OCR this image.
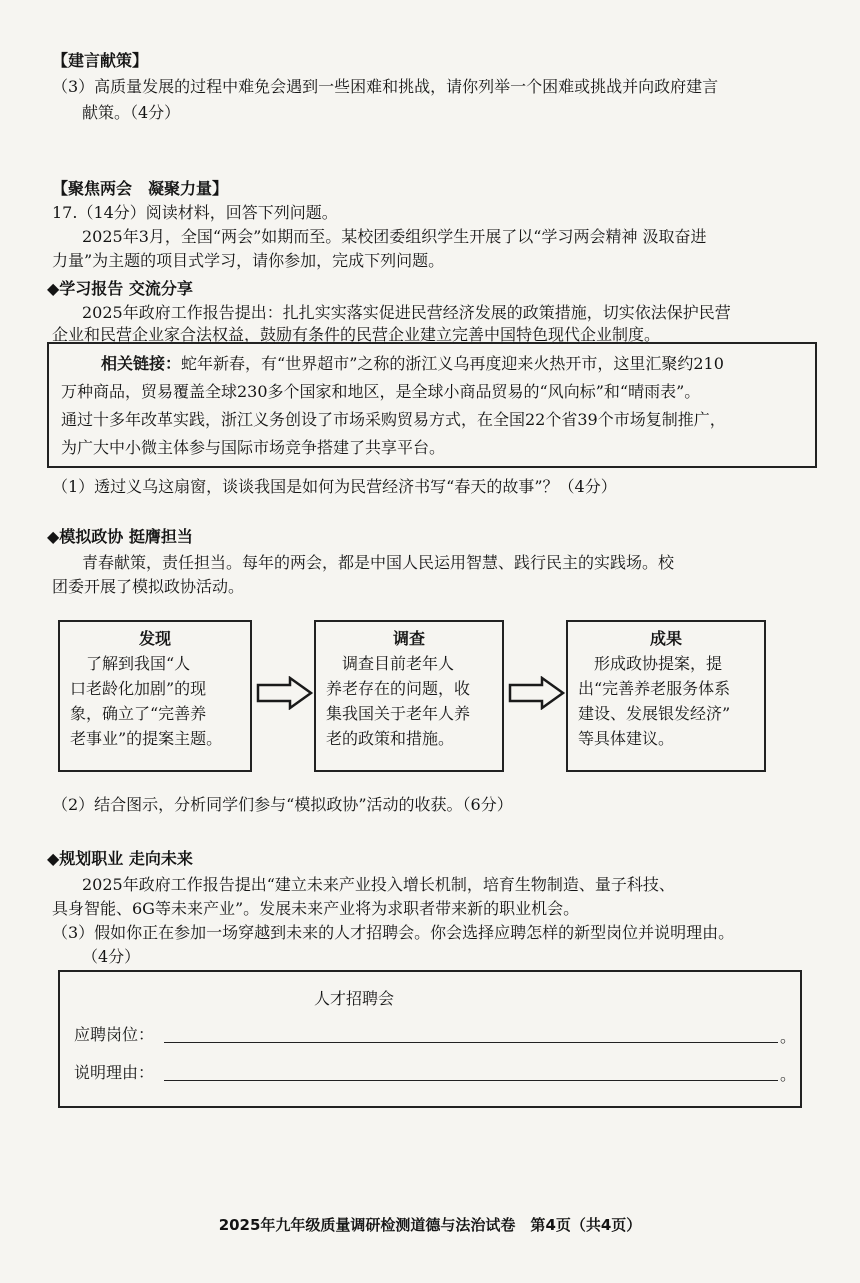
【建言献策】
（3）高质量发展的过程中难免会遇到一些困难和挑战，请你列举一个困难或挑战并向政府建言
献策。（4分）
【聚焦两会　凝聚力量】
17.（14分）阅读材料，回答下列问题。
2025年3月，全国“两会”如期而至。某校团委组织学生开展了以“学习两会精神 汲取奋进
力量”为主题的项目式学习，请你参加，完成下列问题。
◆学习报告 交流分享
2025年政府工作报告提出：扎扎实实落实促进民营经济发展的政策措施，切实依法保护民营
企业和民营企业家合法权益，鼓励有条件的民营企业建立完善中国特色现代企业制度。
相关链接：蛇年新春，有“世界超市”之称的浙江义乌再度迎来火热开市，这里汇聚约210
万种商品，贸易覆盖全球230多个国家和地区，是全球小商品贸易的“风向标”和“晴雨表”。
通过十多年改革实践，浙江义务创设了市场采购贸易方式，在全国22个省39个市场复制推广，
为广大中小微主体参与国际市场竞争搭建了共享平台。
（1）透过义乌这扇窗，谈谈我国是如何为民营经济书写“春天的故事”？（4分）
◆模拟政协 挺膺担当
青春献策，责任担当。每年的两会，都是中国人民运用智慧、践行民主的实践场。校
团委开展了模拟政协活动。
发现
　了解到我国“人
口老龄化加剧”的现
象，确立了“完善养
老事业”的提案主题。
调查
　调查目前老年人
养老存在的问题，收
集我国关于老年人养
老的政策和措施。
成果
　形成政协提案，提
出“完善养老服务体系
建设、发展银发经济”
等具体建议。
（2）结合图示，分析同学们参与“模拟政协”活动的收获。（6分）
◆规划职业 走向未来
2025年政府工作报告提出“建立未来产业投入增长机制，培育生物制造、量子科技、
具身智能、6G等未来产业”。发展未来产业将为求职者带来新的职业机会。
（3）假如你正在参加一场穿越到未来的人才招聘会。你会选择应聘怎样的新型岗位并说明理由。
（4分）
人才招聘会
应聘岗位：	。
说明理由：	。
2025年九年级质量调研检测道德与法治试卷　第4页（共4页）
